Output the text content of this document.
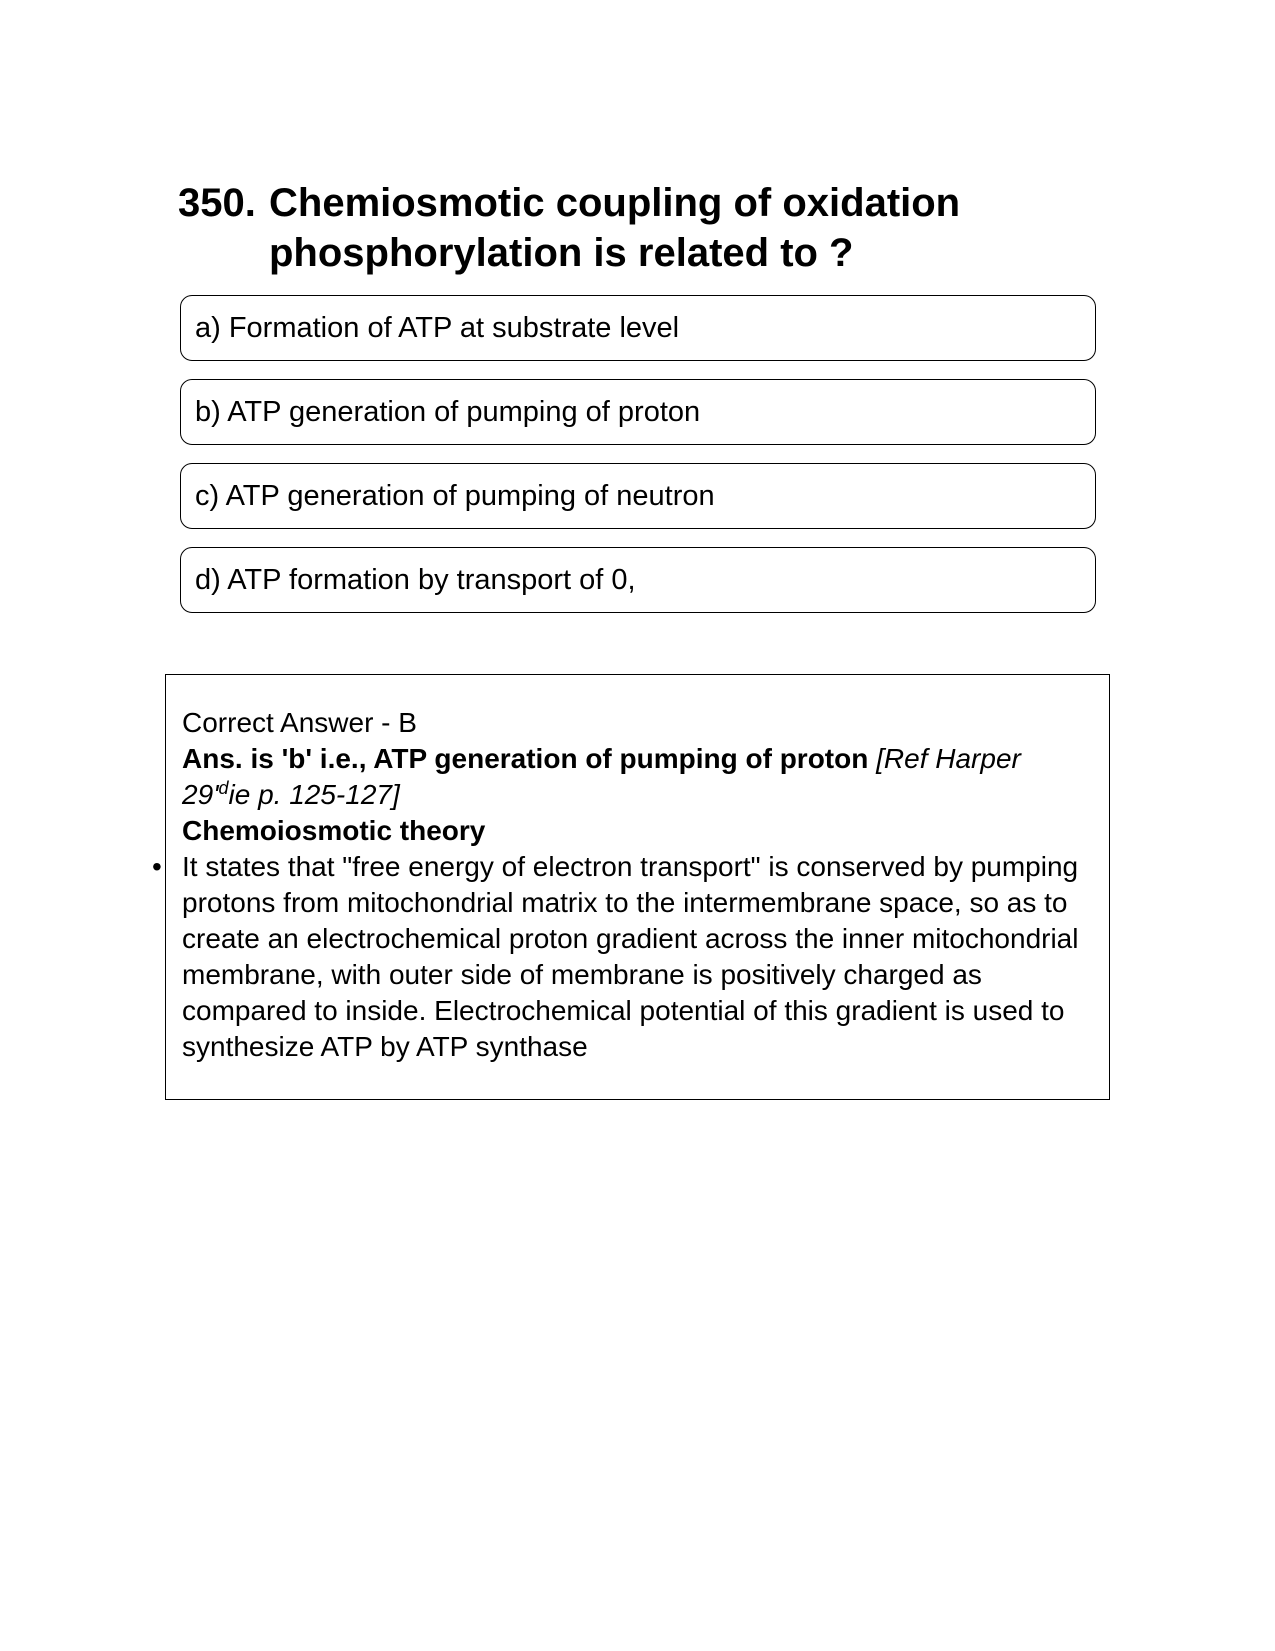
350. Chemiosmotic coupling of oxidation phosphorylation is related to ?
a) Formation of ATP at substrate level
b) ATP generation of pumping of proton
c) ATP generation of pumping of neutron
d) ATP formation by transport of 0,

Correct Answer - B

Ans. is 'b' i.e., ATP generation of pumping of proton [Ref Harper

$29'^die$ p. 125-127]

Chemoiosmotic theory

• It states that "free energy of electron transport" is conserved by pumping protons from mitochondrial matrix to the intermembrane space, so as to create an electrochemical proton gradient across the inner mitochondrial membrane, with outer side of membrane is positively charged as compared to inside. Electrochemical potential of this gradient is used to synthesize ATP by ATP synthase
